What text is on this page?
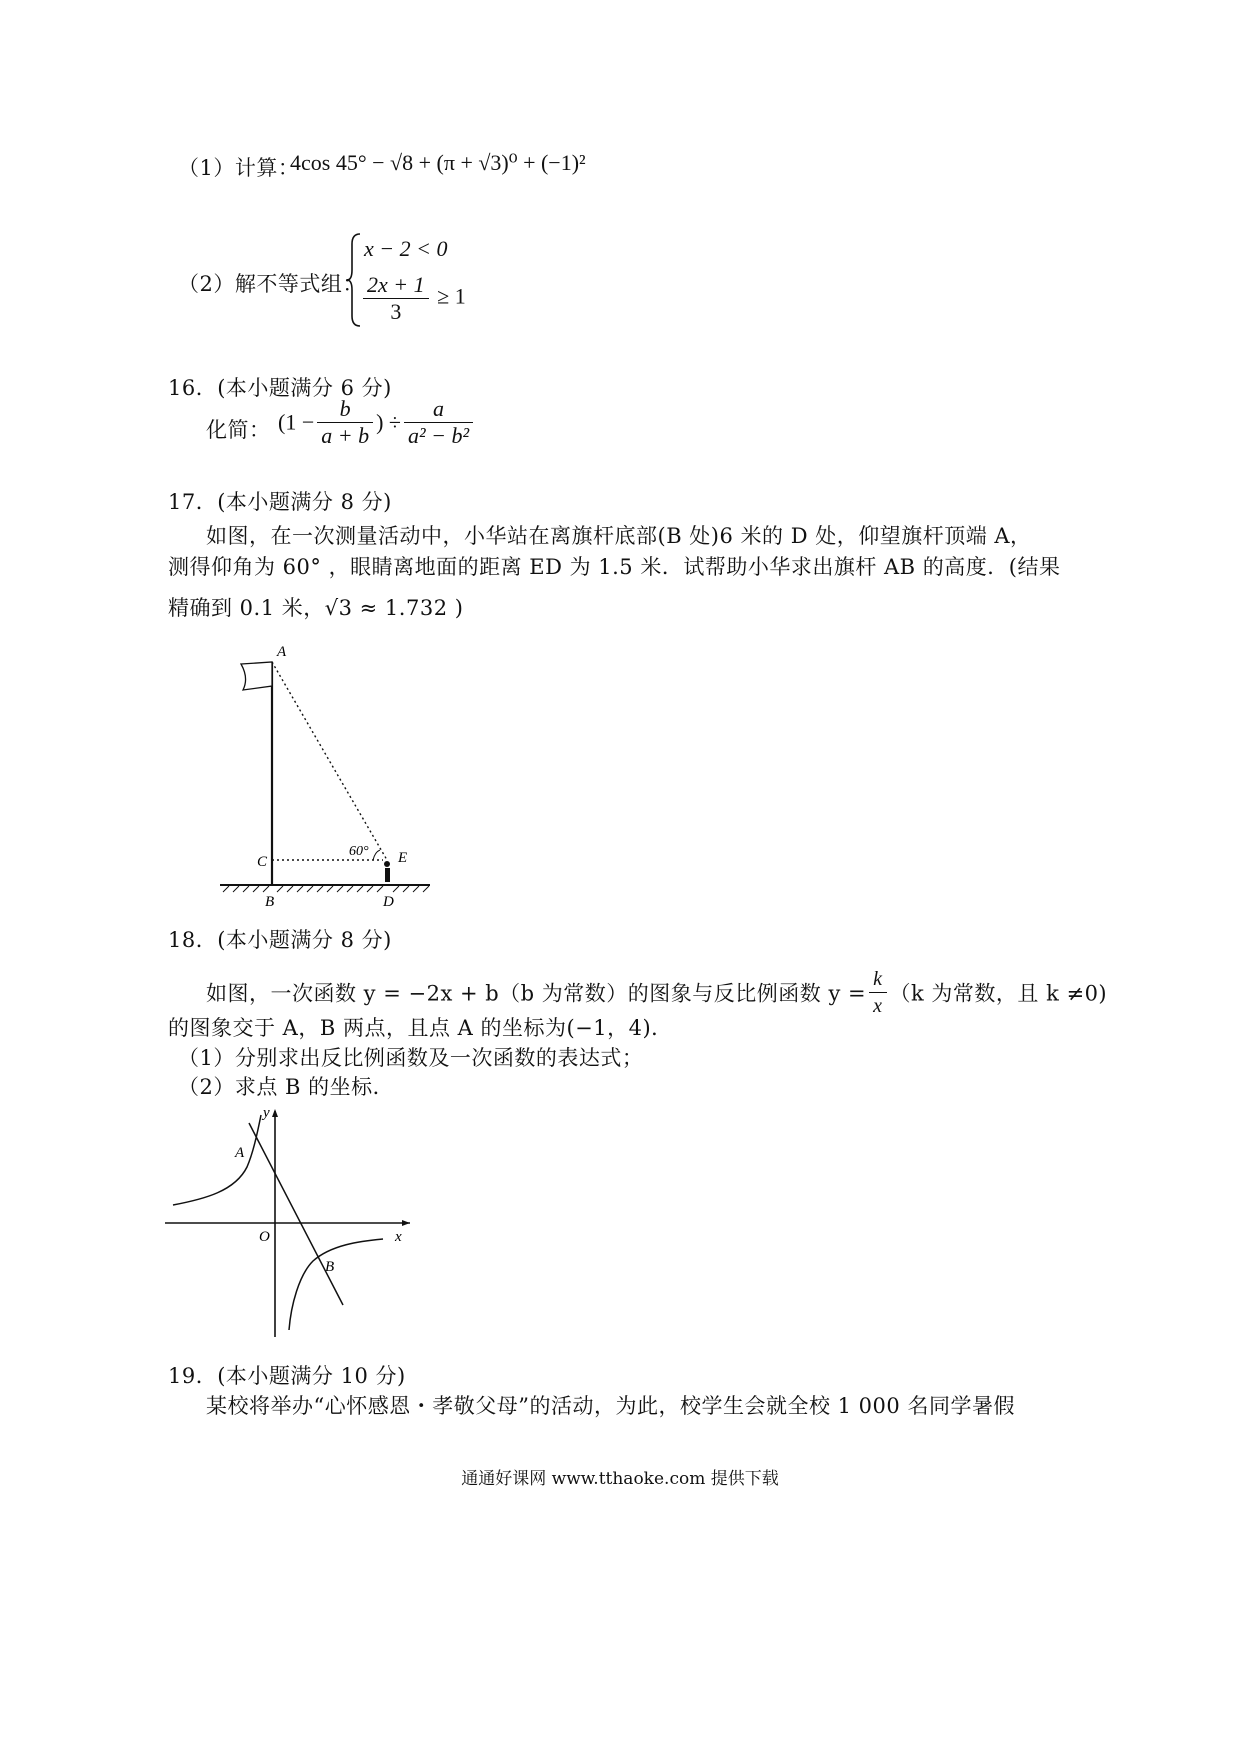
（1）计算：
4cos 45° − √8 + (π + √3)⁰ + (−1)²
（2）解不等式组：
x − 2 < 0
$\frac{2x + 1}{3} \ge 1$
16．(本小题满分 6 分)
化简： ($1 - \frac{b}{a + b}$ ) ÷ $\frac{a}{\text{a² − b²}}$
17．(本小题满分 8 分)
如图，在一次测量活动中，小华站在离旗杆底部(B 处)6 米的 D 处，仰望旗杆顶端 A，
测得仰角为 60° ，眼睛离地面的距离 ED 为 1.5 米．试帮助小华求出旗杆 AB 的高度．(结果
精确到 0.1 米，√3 ≈ 1.732 )
A
C
B	D
E
60°
18．(本小题满分 8 分)
如图，一次函数 y = −2x + b（b 为常数）的图象与反比例函数 $y = \frac{k}{x} (k$ 为常数，且 k ≠0)
的图象交于 A，B 两点，且点 A 的坐标为(−1，4)．
（1）分别求出反比例函数及一次函数的表达式；
（2）求点 B 的坐标．
A
B
O	x
y
19．(本小题满分 10 分)
某校将举办“心怀感恩・孝敬父母”的活动，为此，校学生会就全校 1 000 名同学暑假
通通好课网 www.tthaoke.com 提供下载
